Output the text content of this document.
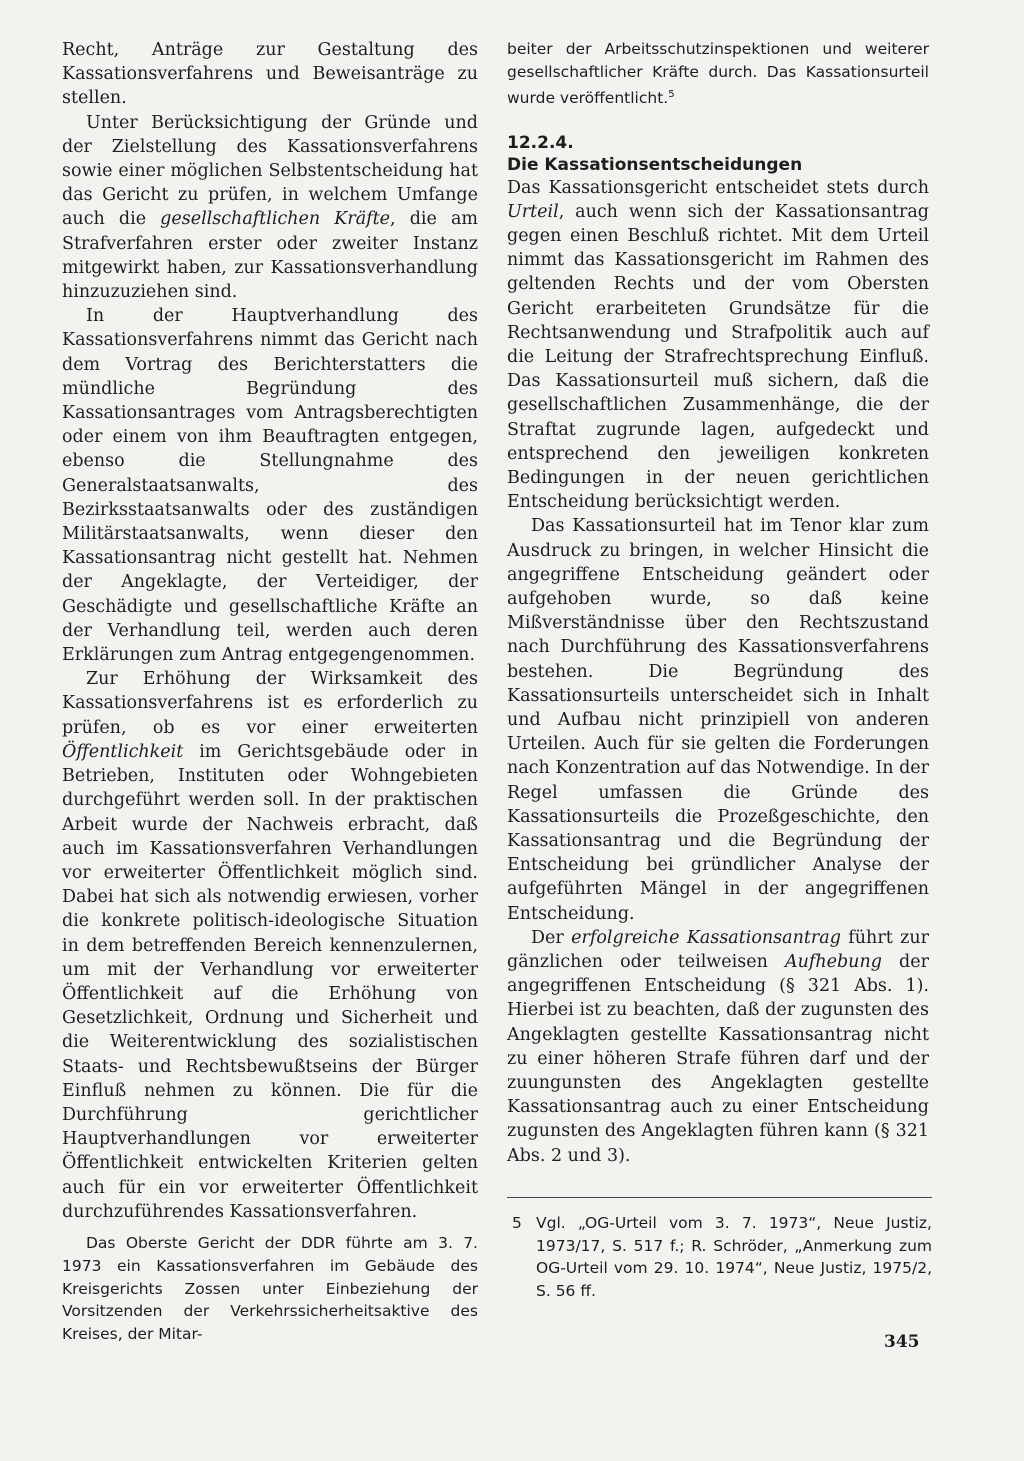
Recht, Anträge zur Gestaltung des Kassationsverfahrens und Beweisanträge zu stellen.

Unter Berücksichtigung der Gründe und der Zielstellung des Kassationsverfahrens sowie einer möglichen Selbstentscheidung hat das Gericht zu prüfen, in welchem Umfange auch die gesellschaftlichen Kräfte, die am Strafverfahren erster oder zweiter Instanz mitgewirkt haben, zur Kassationsverhandlung hinzuzuziehen sind.

In der Hauptverhandlung des Kassationsverfahrens nimmt das Gericht nach dem Vortrag des Berichterstatters die mündliche Begründung des Kassationsantrages vom Antragsberechtigten oder einem von ihm Beauftragten entgegen, ebenso die Stellungnahme des Generalstaatsanwalts, des Bezirksstaatsanwalts oder des zuständigen Militärstaatsanwalts, wenn dieser den Kassationsantrag nicht gestellt hat. Nehmen der Angeklagte, der Verteidiger, der Geschädigte und gesellschaftliche Kräfte an der Verhandlung teil, werden auch deren Erklärungen zum Antrag entgegengenommen.

Zur Erhöhung der Wirksamkeit des Kassationsverfahrens ist es erforderlich zu prüfen, ob es vor einer erweiterten Öffentlichkeit im Gerichtsgebäude oder in Betrieben, Instituten oder Wohngebieten durchgeführt werden soll. In der praktischen Arbeit wurde der Nachweis erbracht, daß auch im Kassationsverfahren Verhandlungen vor erweiterter Öffentlichkeit möglich sind. Dabei hat sich als notwendig erwiesen, vorher die konkrete politisch-ideologische Situation in dem betreffenden Bereich kennenzulernen, um mit der Verhandlung vor erweiterter Öffentlichkeit auf die Erhöhung von Gesetzlichkeit, Ordnung und Sicherheit und die Weiterentwicklung des sozialistischen Staats- und Rechtsbewußtseins der Bürger Einfluß nehmen zu können. Die für die Durchführung gerichtlicher Hauptverhandlungen vor erweiterter Öffentlichkeit entwickelten Kriterien gelten auch für ein vor erweiterter Öffentlichkeit durchzuführendes Kassationsverfahren.

Das Oberste Gericht der DDR führte am 3. 7. 1973 ein Kassationsverfahren im Gebäude des Kreisgerichts Zossen unter Einbeziehung der Vorsitzenden der Verkehrssicherheitsaktive des Kreises, der Mitar-

beiter der Arbeitsschutzinspektionen und weiterer gesellschaftlicher Kräfte durch. Das Kassationsurteil wurde veröffentlicht.$^5$

12.2.4.
Die Kassationsentscheidungen

Das Kassationsgericht entscheidet stets durch Urteil, auch wenn sich der Kassationsantrag gegen einen Beschluß richtet. Mit dem Urteil nimmt das Kassationsgericht im Rahmen des geltenden Rechts und der vom Obersten Gericht erarbeiteten Grundsätze für die Rechtsanwendung und Strafpolitik auch auf die Leitung der Strafrechtsprechung Einfluß. Das Kassationsurteil muß sichern, daß die gesellschaftlichen Zusammenhänge, die der Straftat zugrunde lagen, aufgedeckt und entsprechend den jeweiligen konkreten Bedingungen in der neuen gerichtlichen Entscheidung berücksichtigt werden.

Das Kassationsurteil hat im Tenor klar zum Ausdruck zu bringen, in welcher Hinsicht die angegriffene Entscheidung geändert oder aufgehoben wurde, so daß keine Mißverständnisse über den Rechtszustand nach Durchführung des Kassationsverfahrens bestehen. Die Begründung des Kassationsurteils unterscheidet sich in Inhalt und Aufbau nicht prinzipiell von anderen Urteilen. Auch für sie gelten die Forderungen nach Konzentration auf das Notwendige. In der Regel umfassen die Gründe des Kassationsurteils die Prozeßgeschichte, den Kassationsantrag und die Begründung der Entscheidung bei gründlicher Analyse der aufgeführten Mängel in der angegriffenen Entscheidung.

Der erfolgreiche Kassationsantrag führt zur gänzlichen oder teilweisen Aufhebung der angegriffenen Entscheidung (§ 321 Abs. 1). Hierbei ist zu beachten, daß der zugunsten des Angeklagten gestellte Kassationsantrag nicht zu einer höheren Strafe führen darf und der zuungunsten des Angeklagten gestellte Kassationsantrag auch zu einer Entscheidung zugunsten des Angeklagten führen kann (§ 321 Abs. 2 und 3).

5 Vgl. „OG-Urteil vom 3. 7. 1973“, Neue Justiz, 1973/17, S. 517 f.; R. Schröder, „Anmerkung zum OG-Urteil vom 29. 10. 1974“, Neue Justiz, 1975/2, S. 56 ff.
345
